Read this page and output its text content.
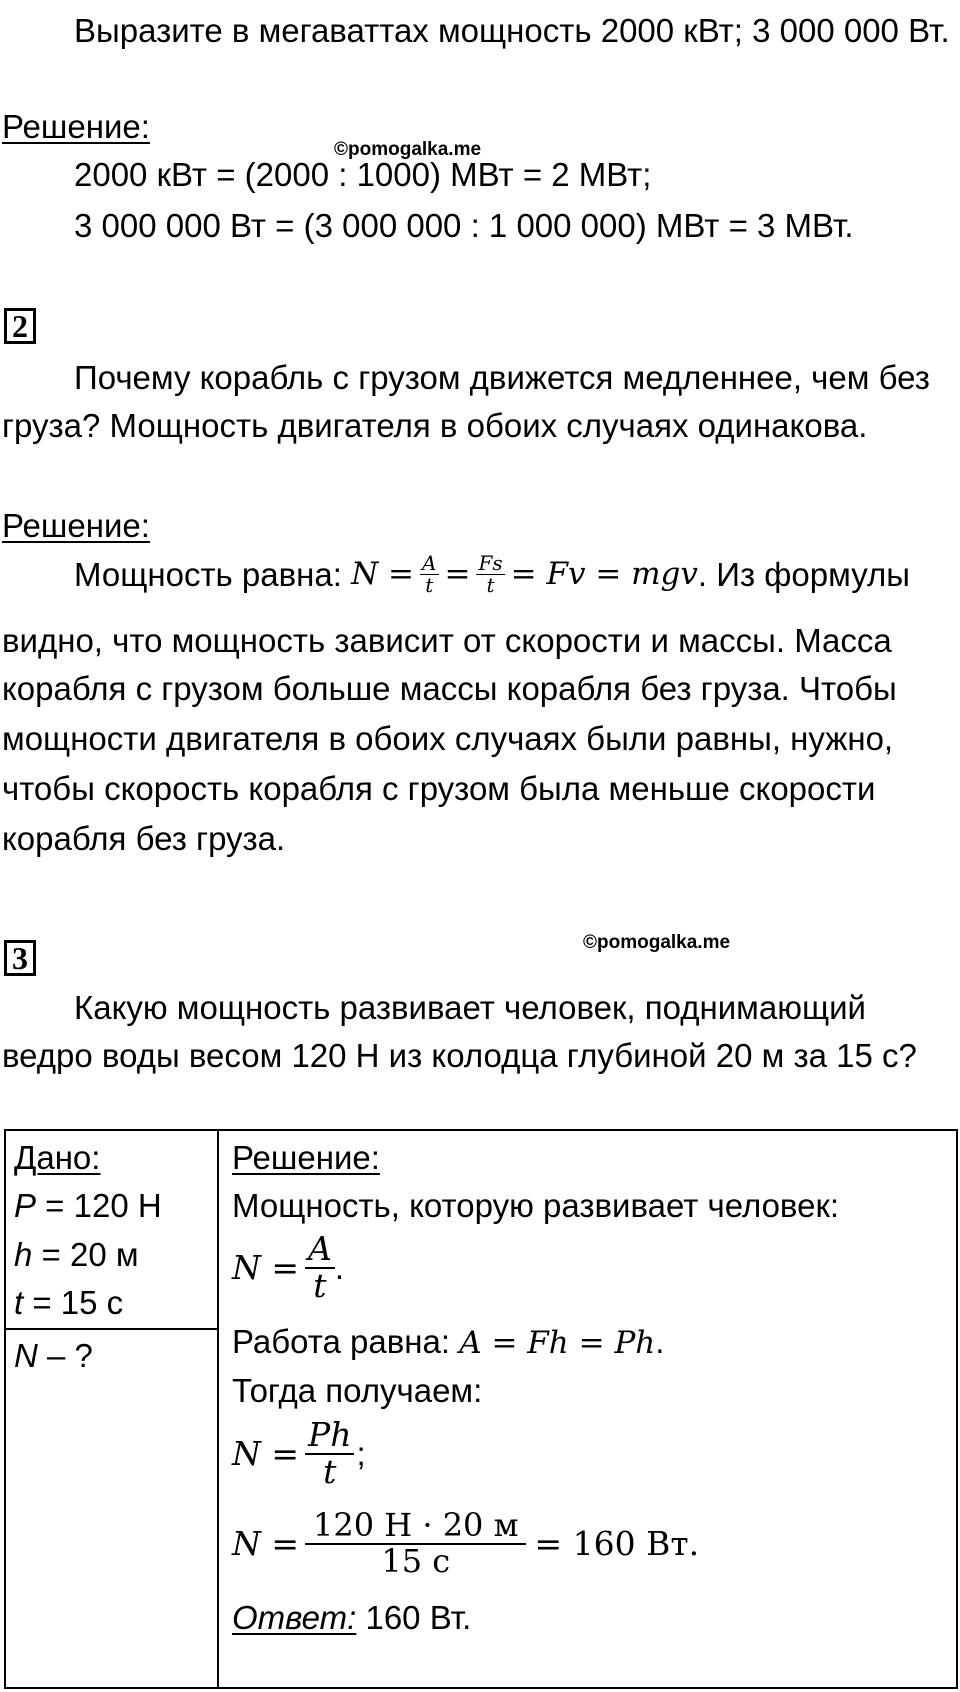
Выразите в мегаваттах мощность 2000 кВт; 3 000 000 Вт.
Решение:
©pomogalka.me
2000 кВт = (2000 : 1000) МВт = 2 МВт;
3 000 000 Вт = (3 000 000 : 1 000 000) МВт = 3 МВт.
2
Почему корабль с грузом движется медленнее, чем без
груза? Мощность двигателя в обоих случаях одинакова.
Решение:
Мощность равна: $N = \frac{A}{t} = \frac{Fs}{t} = Fv$ = mgv . Из формулы
видно, что мощность зависит от скорости и массы. Масса
корабля с грузом больше массы корабля без груза. Чтобы
мощности двигателя в обоих случаях были равны, нужно,
чтобы скорость корабля с грузом была меньше скорости
корабля без груза.
3	©pomogalka.me
Какую мощность развивает человек, поднимающий
ведро воды весом 120 Н из колодца глубиной 20 м за 15 с?
Дано:
P = 120 Н
h = 20 м
t = 15 с
N – ?
Решение:
Мощность, которую развивает человек:
$N = \frac{A}{t}$ .
Работа равна: A = Fh = Ph.
Тогда получаем:
$N = \frac{Ph}{t}$ ;
$N = \frac{120 Н \cdot 20 м}{15 с} = 160$ Вт.
Ответ: 160 Вт.
